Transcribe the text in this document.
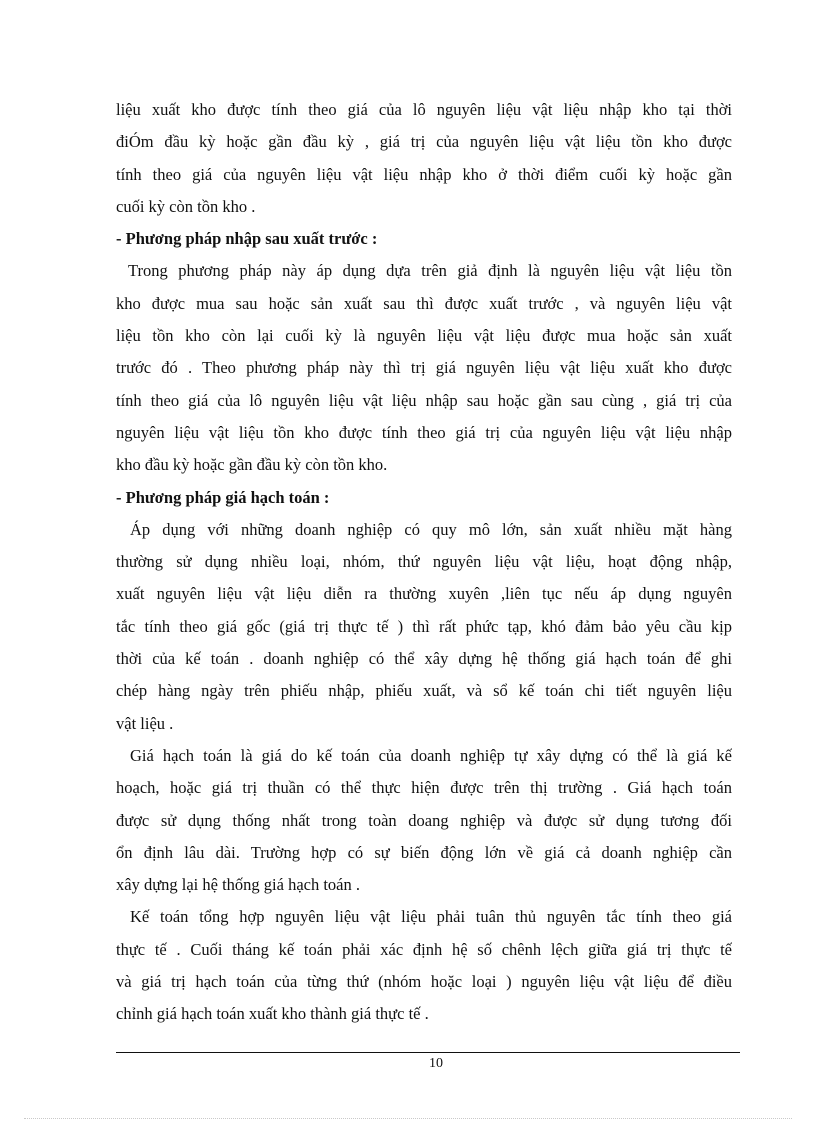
liệu xuất kho được tính theo giá của lô nguyên liệu vật liệu nhập kho tại thời
điÓm đầu kỳ hoặc gần đầu kỳ , giá trị của nguyên liệu vật liệu tồn kho được
tính theo giá của nguyên liệu vật liệu nhập kho ở thời điểm cuối kỳ hoặc gần
cuối kỳ còn tồn kho .
- Phương pháp nhập sau xuất trước :
Trong phương pháp này áp dụng dựa trên giả định là nguyên liệu vật liệu tồn
kho được mua sau hoặc sản xuất sau thì được xuất trước , và nguyên liệu vật
liệu tồn kho còn lại cuối kỳ là nguyên liệu vật liệu được mua hoặc sản xuất
trước đó . Theo phương pháp này thì trị giá nguyên liệu vật liệu xuất kho được
tính theo giá của lô nguyên liệu vật liệu nhập sau hoặc gần sau cùng , giá trị của
nguyên liệu vật liệu tồn kho được tính theo giá trị của nguyên liệu vật liệu nhập
kho đầu kỳ hoặc gần đầu kỳ còn tồn kho.
- Phương pháp giá hạch toán :
Áp dụng với những doanh nghiệp có quy mô lớn, sản xuất nhiều mặt hàng
thường sử dụng nhiều loại, nhóm, thứ nguyên liệu vật liệu, hoạt động nhập,
xuất nguyên liệu vật liệu diễn ra thường xuyên ,liên tục nếu áp dụng nguyên
tắc tính theo giá gốc (giá trị thực tế ) thì rất phức tạp, khó đảm bảo yêu cầu kịp
thời của kế toán . doanh nghiệp có thể xây dựng hệ thống giá hạch toán để ghi
chép hàng ngày trên phiếu nhập, phiếu xuất, và sổ kế toán chi tiết nguyên liệu
vật liệu .
Giá hạch toán là giá do kế toán của doanh nghiệp tự xây dựng có thể là giá kế
hoạch, hoặc giá trị thuần có thể thực hiện được trên thị trường . Giá hạch toán
được sử dụng thống nhất trong toàn doang nghiệp và được sử dụng tương đối
ổn định lâu dài. Trường hợp có sự biến động lớn về giá cả doanh nghiệp cần
xây dựng lại hệ thống giá hạch toán .
Kế toán tổng hợp nguyên liệu vật liệu phải tuân thủ nguyên tắc tính theo giá
thực tế . Cuối tháng kế toán phải xác định hệ số chênh lệch giữa giá trị thực tế
và giá trị hạch toán của từng thứ (nhóm hoặc loại ) nguyên liệu vật liệu để điều
chỉnh giá hạch toán xuất kho thành giá thực tế .
10
